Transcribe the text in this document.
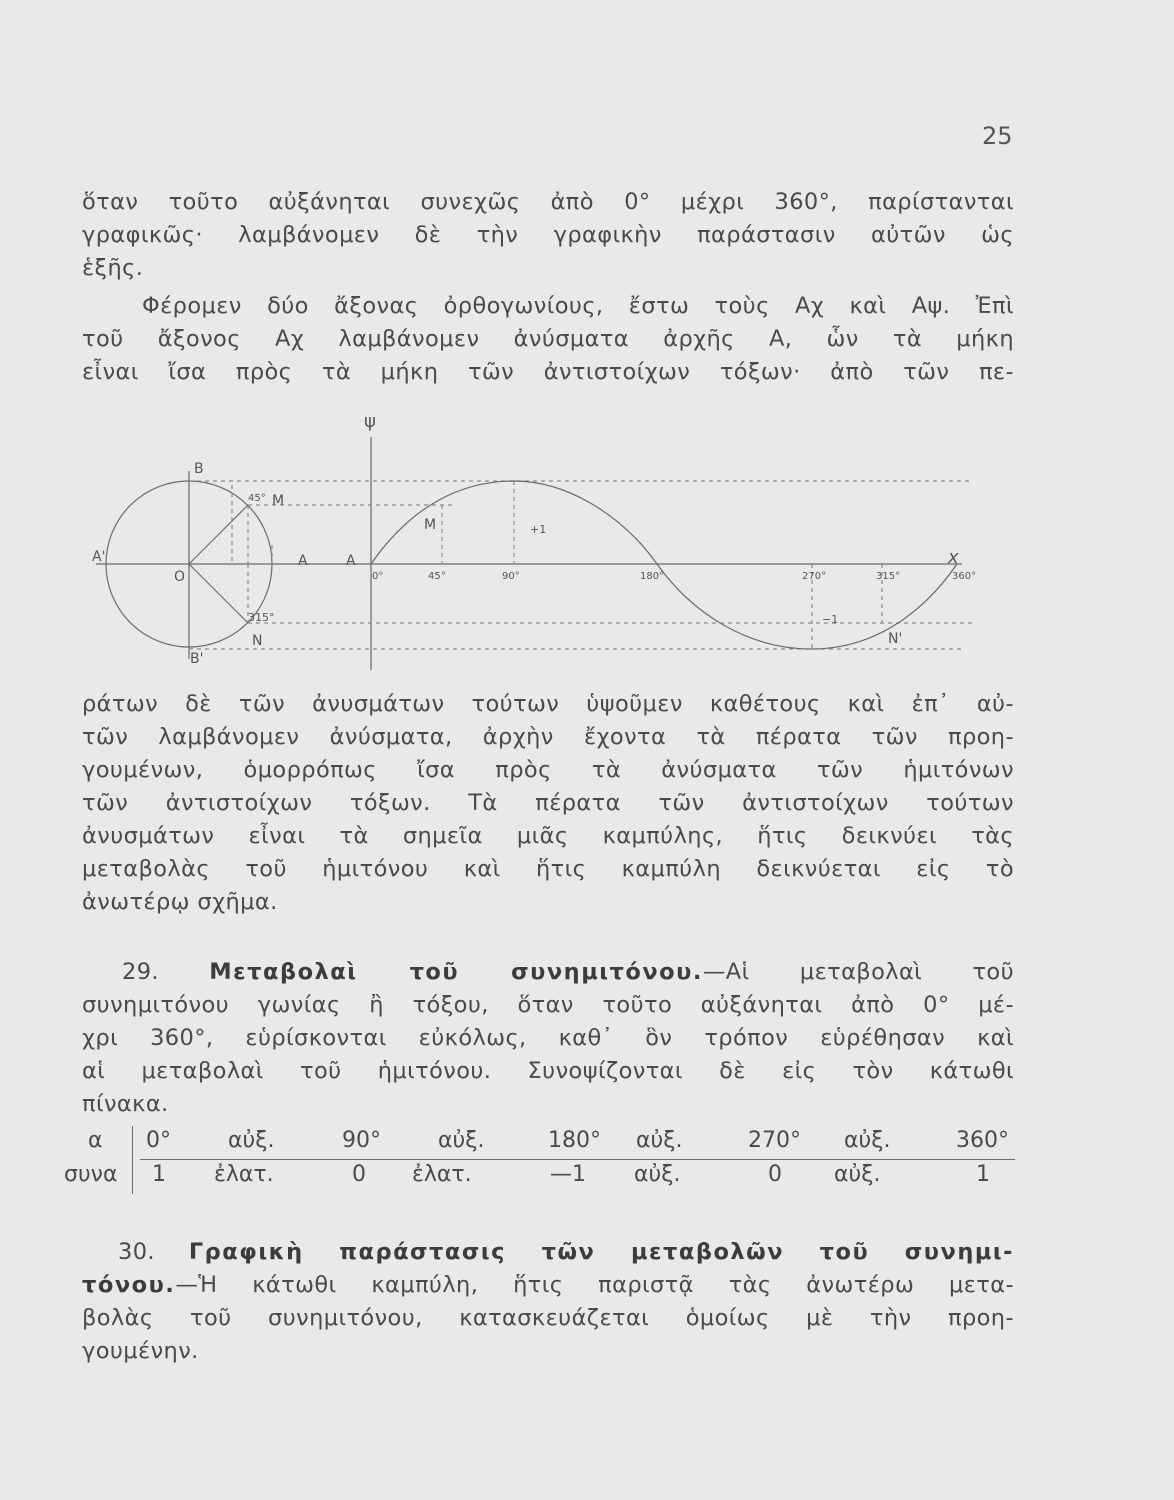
25

ὅταν τοῦτο αὐξάνηται συνεχῶς ἀπὸ 0° μέχρι 360°, παρίστανται
γραφικῶς· λαμβάνομεν δὲ τὴν γραφικὴν παράστασιν αὐτῶν ὡς
ἑξῆς.

Φέρομεν δύο ἄξονας ὀρθογωνίους, ἔστω τοὺς Αχ καὶ Αψ. Ἐπὶ
τοῦ ἄξονος Αχ λαμβάνομεν ἀνύσματα ἀρχῆς Α, ὧν τὰ μήκη
εἶναι ἴσα πρὸς τὰ μήκη τῶν ἀντιστοίχων τόξων· ἀπὸ τῶν πε-

ψ
x
B
B'
A'
O
A	A
M
M
N	N'
45°
315°
+1
−1
0°	45°	90°	180°	270°	315°	360°

ράτων δὲ τῶν ἀνυσμάτων τούτων ὑψοῦμεν καθέτους καὶ ἐπ᾽ αὐ-
τῶν λαμβάνομεν ἀνύσματα, ἀρχὴν ἔχοντα τὰ πέρατα τῶν προη-
γουμένων, ὁμορρόπως ἴσα πρὸς τὰ ἀνύσματα τῶν ἡμιτόνων
τῶν ἀντιστοίχων τόξων. Τὰ πέρατα τῶν ἀντιστοίχων τούτων
ἀνυσμάτων εἶναι τὰ σημεῖα μιᾶς καμπύλης, ἥτις δεικνύει τὰς
μεταβολὰς τοῦ ἡμιτόνου καὶ ἥτις καμπύλη δεικνύεται εἰς τὸ
ἀνωτέρῳ σχῆμα.

29. Μεταβολαὶ τοῦ συνημιτόνου.—Αἱ μεταβολαὶ τοῦ
συνημιτόνου γωνίας ἢ τόξου, ὅταν τοῦτο αὐξάνηται ἀπὸ 0° μέ-
χρι 360°, εὑρίσκονται εὐκόλως, καθ᾽ ὃν τρόπον εὑρέθησαν καὶ
αἱ μεταβολαὶ τοῦ ἡμιτόνου. Συνοψίζονται δὲ εἰς τὸν κάτωθι
πίνακα.

α 0°	αὐξ.	90°	αὐξ.	180° αὐξ.	270° αὐξ.	360°
συνα 1 ἐλατ.	0 ἐλατ.	—1 αὐξ.	0 αὐξ.	1

30. Γραφικὴ παράστασις τῶν μεταβολῶν τοῦ συνημι-
τόνου.—Ἡ κάτωθι καμπύλη, ἥτις παριστᾷ τὰς ἀνωτέρω μετα-
βολὰς τοῦ συνημιτόνου, κατασκευάζεται ὁμοίως μὲ τὴν προη-
γουμένην.
